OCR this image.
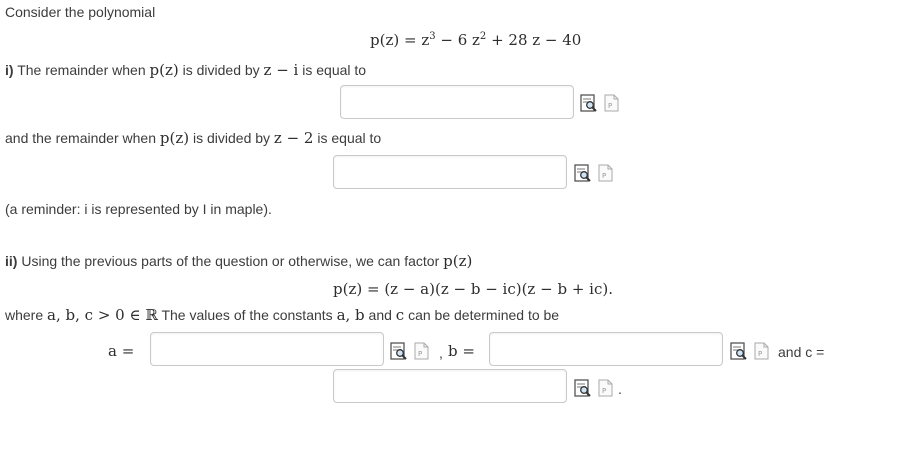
Consider the polynomial
$p(z) = z^3 - 6$ $z^2 + 28$ z − 40
i) The remainder when p(z) is divided by z − i is equal to
P
and the remainder when p(z) is divided by z − 2 is equal to
P
(a reminder: i is represented by I in maple).
ii) Using the previous parts of the question or otherwise, we can factor p(z)
p(z) = (z − a)(z − b − ic)(z − b + ic).
where a, b, c > 0 ∈ ℝ The values of the constants a, b and c can be determined to be
a =	P , b =	P and c =
P .
